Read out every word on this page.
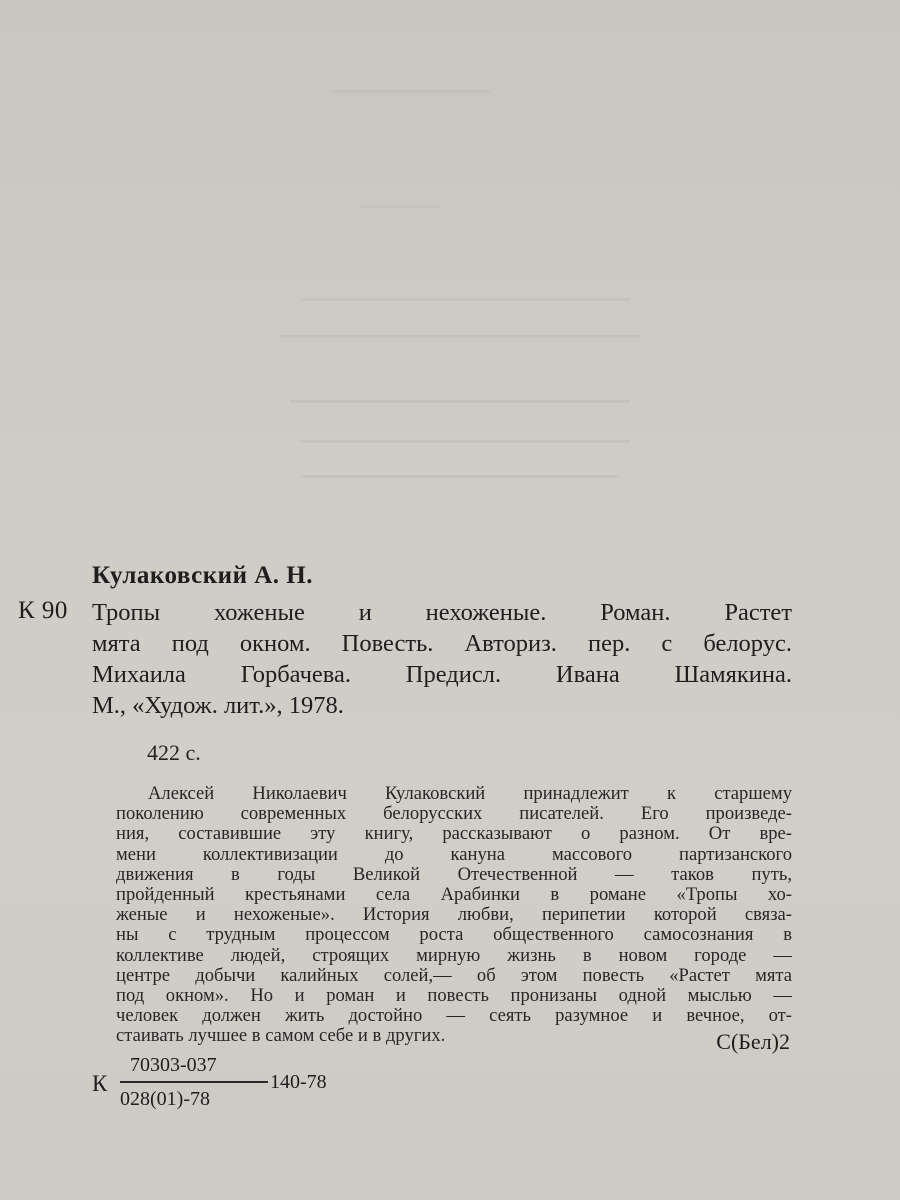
Кулаковский А. Н.
К 90 Тропы хоженые и нехоженые. Роман. Растет
мята под окном. Повесть. Авториз. пер. с белорус.
Михаила Горбачева. Предисл. Ивана Шамякина.
М., «Худож. лит.», 1978.
422 с.
Алексей Николаевич Кулаковский принадлежит к старшему
поколению современных белорусских писателей. Его произведе-
ния, составившие эту книгу, рассказывают о разном. От вре-
мени коллективизации до кануна массового партизанского
движения в годы Великой Отечественной — таков путь,
пройденный крестьянами села Арабинки в романе «Тропы хо-
женые и нехоженые». История любви, перипетии которой связа-
ны с трудным процессом роста общественного самосознания в
коллективе людей, строящих мирную жизнь в новом городе —
центре добычи калийных солей,— об этом повесть «Растет мята
под окном». Но и роман и повесть пронизаны одной мыслью —
человек должен жить достойно — сеять разумное и вечное, от-
стаивать лучшее в самом себе и в других.	С(Бел)2
К
70303-037
028(01)-78
140-78
